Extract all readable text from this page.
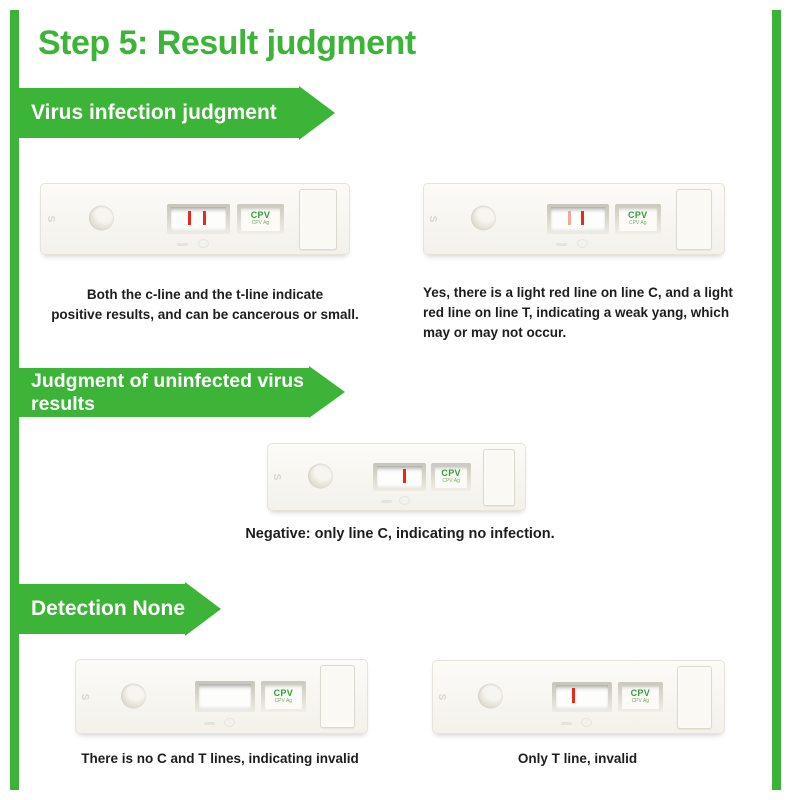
Step 5: Result judgment
Virus infection judgment
S	CPV
CPV Ag
S	CPV
CPV Ag
Both the c-line and the t-line indicate
positive results, and can be cancerous or small.
Yes, there is a light red line on line C, and a light
red line on line T, indicating a weak yang, which
may or may not occur.
Judgment of uninfected virus results
S	CPV
CPV Ag
Negative: only line C, indicating no infection.
Detection None
S	CPV
CPV Ag
S	CPV
CPV Ag
There is no C and T lines, indicating invalid	Only T line, invalid
